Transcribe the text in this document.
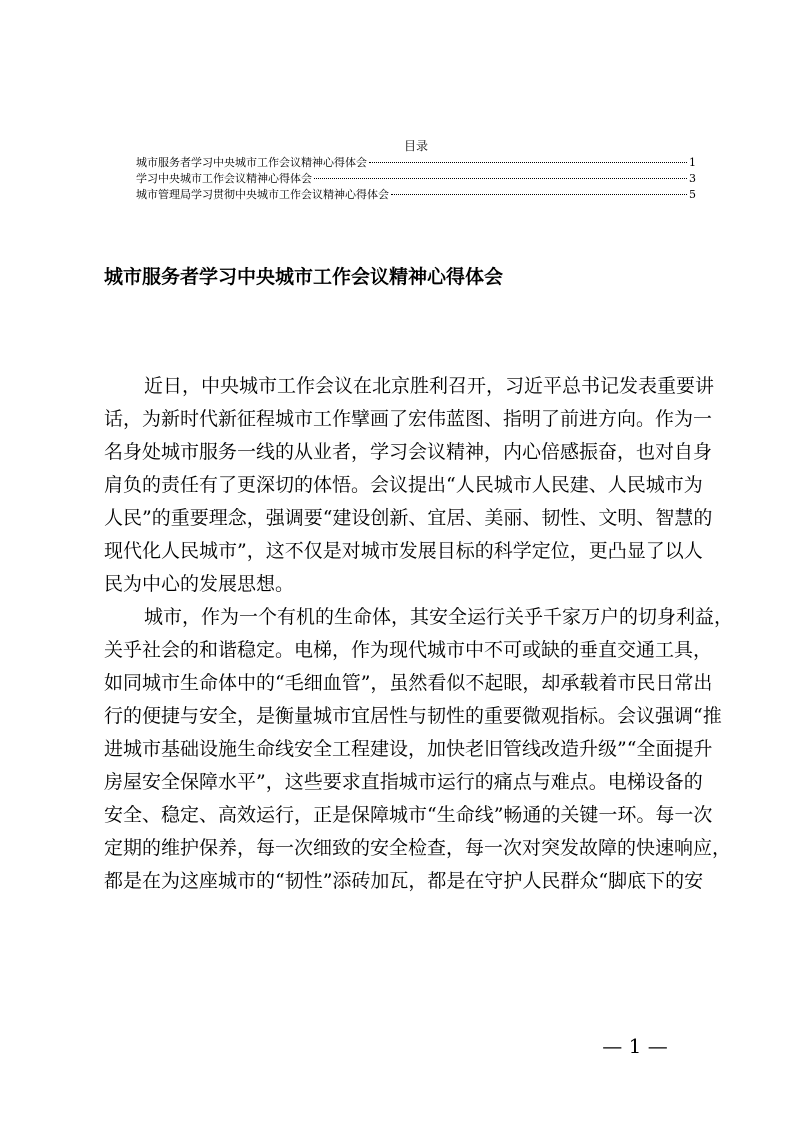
目录
城市服务者学习中央城市工作会议精神心得体会	1
学习中央城市工作会议精神心得体会	3
城市管理局学习贯彻中央城市工作会议精神心得体会	5
城市服务者学习中央城市工作会议精神心得体会
近日，中央城市工作会议在北京胜利召开，习近平总书记发表重要讲
话，为新时代新征程城市工作擘画了宏伟蓝图、指明了前进方向。作为一
名身处城市服务一线的从业者，学习会议精神，内心倍感振奋，也对自身
肩负的责任有了更深切的体悟。会议提出“人民城市人民建、人民城市为
人民”的重要理念，强调要“建设创新、宜居、美丽、韧性、文明、智慧的
现代化人民城市”，这不仅是对城市发展目标的科学定位，更凸显了以人
民为中心的发展思想。
城市，作为一个有机的生命体，其安全运行关乎千家万户的切身利益，
关乎社会的和谐稳定。电梯，作为现代城市中不可或缺的垂直交通工具，
如同城市生命体中的“毛细血管”，虽然看似不起眼，却承载着市民日常出
行的便捷与安全，是衡量城市宜居性与韧性的重要微观指标。会议强调“推
进城市基础设施生命线安全工程建设，加快老旧管线改造升级”“全面提升
房屋安全保障水平”，这些要求直指城市运行的痛点与难点。电梯设备的
安全、稳定、高效运行，正是保障城市“生命线”畅通的关键一环。每一次
定期的维护保养，每一次细致的安全检查，每一次对突发故障的快速响应，
都是在为这座城市的“韧性”添砖加瓦，都是在守护人民群众“脚底下的安
— 1 —
